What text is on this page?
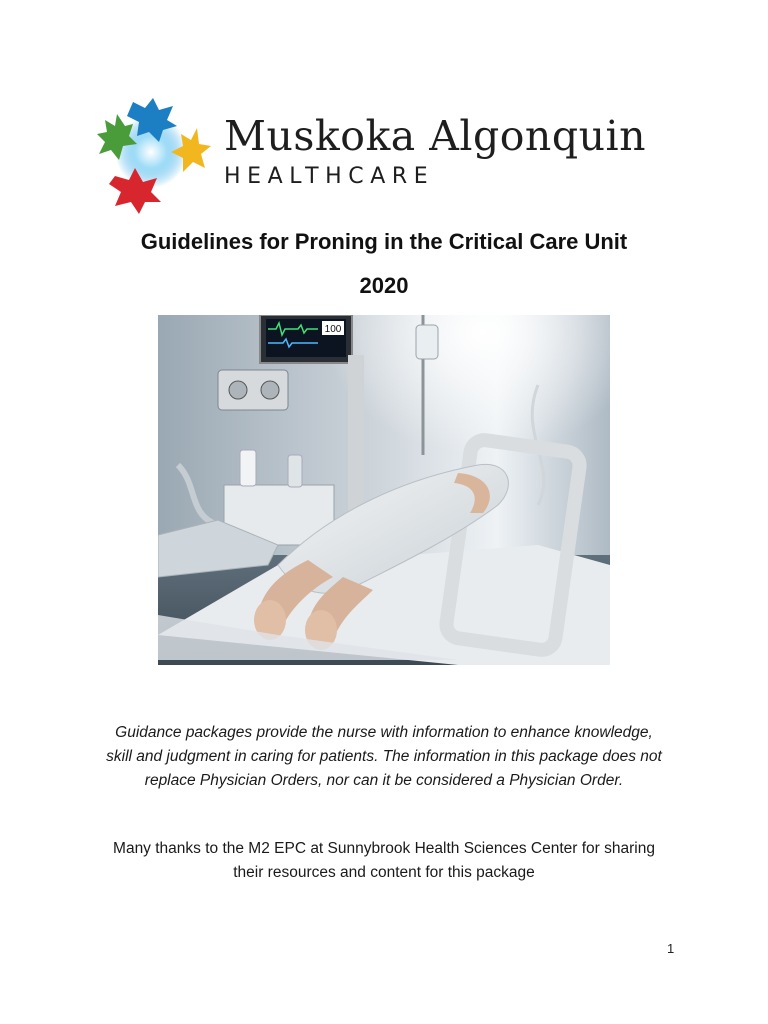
Muskoka Algonquin
HEALTHCARE
Guidelines for Proning in the Critical Care Unit
2020
100
Guidance packages provide the nurse with information to enhance knowledge,
skill and judgment in caring for patients. The information in this package does not
replace Physician Orders, nor can it be considered a Physician Order.
Many thanks to the M2 EPC at Sunnybrook Health Sciences Center for sharing
their resources and content for this package
1
